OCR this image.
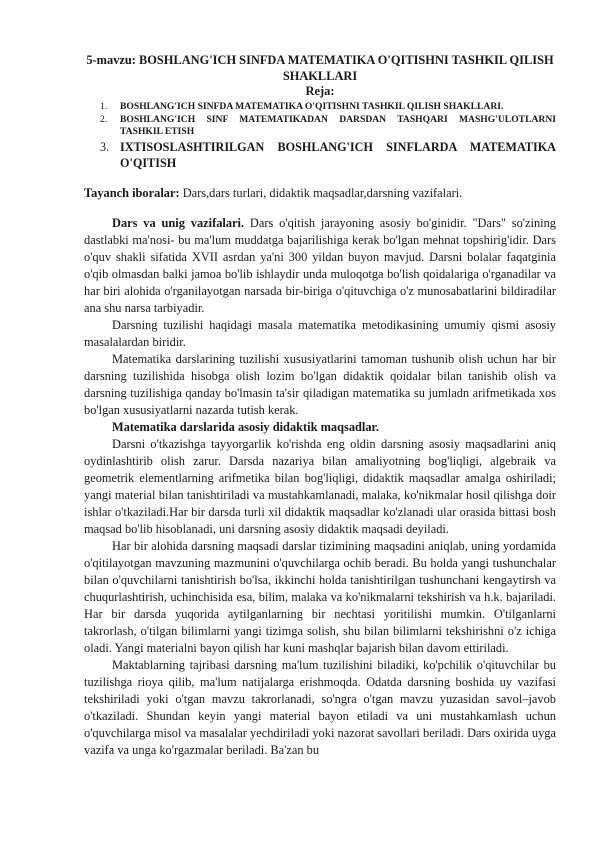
5-mavzu: BOSHLANG'ICH SINFDA MATEMATIKA O'QITISHNI TASHKIL QILISH SHAKLLARI

Reja:

1. BOSHLANG'ICH SINFDA MATEMATIKA O'QITISHNI TASHKIL QILISH SHAKLLARI.
2. BOSHLANG'ICH SINF MATEMATIKADAN DARSDAN TASHQARI MASHG'ULOTLARNI TASHKIL ETISH
3. IXTISOSLASHTIRILGAN BOSHLANG'ICH SINFLARDA MATEMATIKA O'QITISH

Tayanch iboralar: Dars,dars turlari, didaktik maqsadlar,darsning vazifalari.

Dars va unig vazifalari. Dars o'qitish jarayoning asosiy bo'ginidir. "Dars" so'zining dastlabki ma'nosi- bu ma'lum muddatga bajarilishiga kerak bo'lgan mehnat topshirig'idir. Dars o'quv shakli sifatida XVII asrdan ya'ni 300 yildan buyon mavjud. Darsni bolalar faqatginia o'qib olmasdan balki jamoa bo'lib ishlaydir unda muloqotga bo'lish qoidalariga o'rganadilar va har biri alohida o'rganilayotgan narsada bir-biriga o'qituvchiga o'z munosabatlarini bildiradilar ana shu narsa tarbiyadir.

Darsning tuzilishi haqidagi masala matematika metodikasining umumiy qismi asosiy masalalardan biridir.

Matematika darslarining tuzilishi xususiyatlarini tamoman tushunib olish uchun har bir darsning tuzilishida hisobga olish lozim bo'lgan didaktik qoidalar bilan tanishib olish va darsning tuzilishiga qanday bo'lmasin ta'sir qiladigan matematika su jumladn arifmetikada xos bo'lgan xususiyatlarni nazarda tutish kerak.

Matematika darslarida asosiy didaktik maqsadlar.

Darsni o'tkazishga tayyorgarlik ko'rishda eng oldin darsning asosiy maqsadlarini aniq oydinlashtirib olish zarur. Darsda nazariya bilan amaliyotning bog'liqligi, algebraik va geometrik elementlarning arifmetika bilan bog'liqligi, didaktik maqsadlar amalga oshiriladi; yangi material bilan tanishtiriladi va mustahkamlanadi, malaka, ko'nikmalar hosil qilishga doir ishlar o'tkaziladi.Har bir darsda turli xil didaktik maqsadlar ko'zlanadi ular orasida bittasi bosh maqsad bo'lib hisoblanadi, uni darsning asosiy didaktik maqsadi deyiladi.

Har bir alohida darsning maqsadi darslar tizimining maqsadini aniqlab, uning yordamida o'qitilayotgan mavzuning mazmunini o'quvchilarga ochib beradi. Bu holda yangi tushunchalar bilan o'quvchilarni tanishtirish bo'lsa, ikkinchi holda tanishtirilgan tushunchani kengaytirsh va chuqurlashtirish, uchinchisida esa, bilim, malaka va ko'nikmalarni tekshirish va h.k. bajariladi. Har bir darsda yuqorida aytilganlarning bir nechtasi yoritilishi mumkin. O'tilganlarni takrorlash, o'tilgan bilimlarni yangi tizimga solish, shu bilan bilimlarni tekshirishni o'z ichiga oladi. Yangi materialni bayon qilish har kuni mashqlar bajarish bilan davom ettiriladi.

Maktablarning tajribasi darsning ma'lum tuzilishini biladiki, ko'pchilik o'qituvchilar bu tuzilishga rioya qilib, ma'lum natijalarga erishmoqda. Odatda darsning boshida uy vazifasi tekshiriladi yoki o'tgan mavzu takrorlanadi, so'ngra o'tgan mavzu yuzasidan savol–javob o'tkaziladi. Shundan keyin yangi material bayon etiladi va uni mustahkamlash uchun o'quvchilarga misol va masalalar yechdiriladi yoki nazorat savollari beriladi. Dars oxirida uyga vazifa va unga ko'rgazmalar beriladi. Ba'zan bu
